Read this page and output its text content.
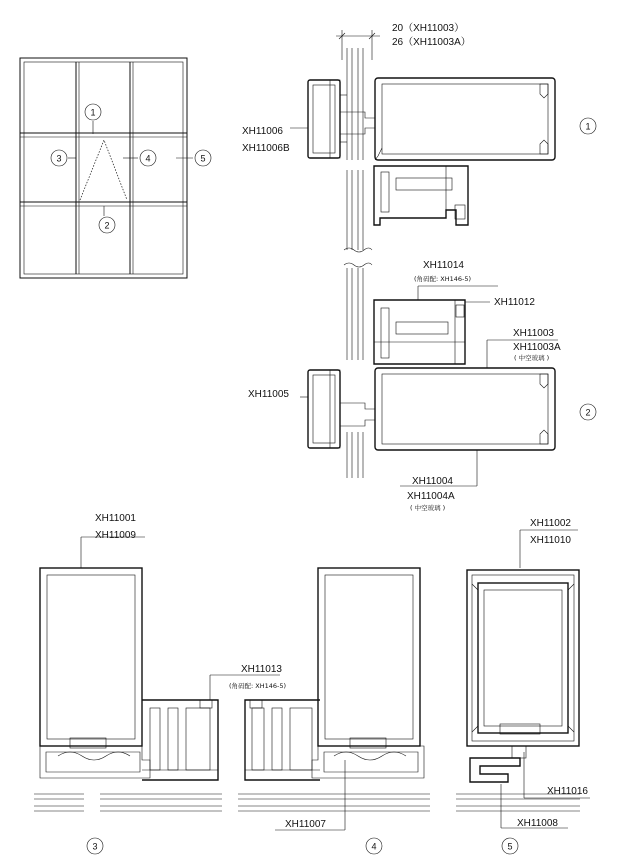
1
2
3	4	5
20（XH11003）
26（XH11003A）
XH11006
XH11006B
1
XH11014
(角码配: XH146-5)
XH11012
XH11003
XH11003A
( 中空玻璃 )
XH11005
XH11004
XH11004A
( 中空玻璃 )
2
XH11001
XH11009
XH11013
(角码配: XH146-5)
3
XH11007
4
XH11002
XH11010
XH11016
XH11008
5
